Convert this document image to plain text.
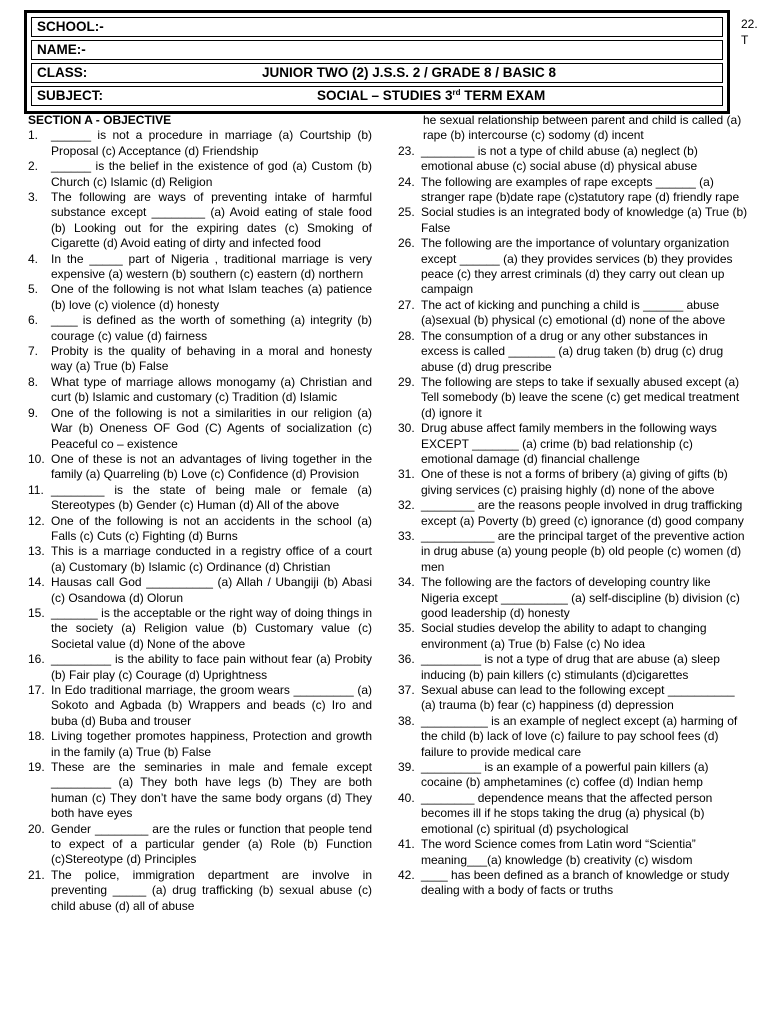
SCHOOL:-
NAME:-
CLASS:	JUNIOR TWO (2) J.S.S. 2 / GRADE 8 / BASIC 8
SUBJECT:	SOCIAL – STUDIES 3rd TERM EXAM
22.
T
SECTION A - OBJECTIVE
1. ______ is not a procedure in marriage (a) Courtship (b) Proposal (c) Acceptance (d) Friendship
2. ______ is the belief in the existence of god (a) Custom (b) Church (c) Islamic (d) Religion
3. The following are ways of preventing intake of harmful substance except ________ (a) Avoid eating of stale food (b) Looking out for the expiring dates (c) Smoking of Cigarette (d) Avoid eating of dirty and infected food
4. In the _____ part of Nigeria , traditional marriage is very expensive (a) western (b) southern (c) eastern (d) northern
5. One of the following is not what Islam teaches (a) patience (b) love (c) violence (d) honesty
6. ____ is defined as the worth of something (a) integrity (b) courage (c) value (d) fairness
7. Probity is the quality of behaving in a moral and honesty way (a) True (b) False
8. What type of marriage allows monogamy (a) Christian and curt (b) Islamic and customary (c) Tradition (d) Islamic
9. One of the following is not a similarities in our religion (a) War (b) Oneness OF God (C) Agents of socialization (c) Peaceful co – existence
10. One of these is not an advantages of living together in the family (a) Quarreling (b) Love (c) Confidence (d) Provision
11. ________ is the state of being male or female (a) Stereotypes (b) Gender (c) Human (d) All of the above
12. One of the following is not an accidents in the school (a) Falls (c) Cuts (c) Fighting (d) Burns
13. This is a marriage conducted in a registry office of a court (a) Customary (b) Islamic (c) Ordinance (d) Christian
14. Hausas call God __________ (a) Allah / Ubangiji (b) Abasi (c) Osandowa (d) Olorun
15. _______ is the acceptable or the right way of doing things in the society (a) Religion value (b) Customary value (c) Societal value (d) None of the above
16. _________ is the ability to face pain without fear (a) Probity (b) Fair play (c) Courage (d) Uprightness
17. In Edo traditional marriage, the groom wears _________ (a) Sokoto and Agbada (b) Wrappers and beads (c) Iro and buba (d) Buba and trouser
18. Living together promotes happiness, Protection and growth in the family (a) True (b) False
19. These are the seminaries in male and female except _________ (a) They both have legs (b) They are both human (c) They don’t have the same body organs (d) They both have eyes
20. Gender ________ are the rules or function that people tend to expect of a particular gender (a) Role (b) Function (c)Stereotype (d) Principles
21. The police, immigration department are involve in preventing _____ (a) drug trafficking (b) sexual abuse (c) child abuse (d) all of abuse
he sexual relationship between parent and child is called (a) rape (b) intercourse (c) sodomy (d) incent
23. ________ is not a type of child abuse (a) neglect (b) emotional abuse (c) social abuse (d) physical abuse
24. The following are examples of rape excepts ______ (a) stranger rape (b)date rape (c)statutory rape (d) friendly rape
25. Social studies is an integrated body of knowledge (a) True (b) False
26. The following are the importance of voluntary organization except ______ (a) they provides services (b) they provides peace (c) they arrest criminals (d) they carry out clean up campaign
27. The act of kicking and punching a child is ______ abuse (a)sexual (b) physical (c) emotional (d) none of the above
28. The consumption of a drug or any other substances in excess is called _______ (a) drug taken (b) drug (c) drug abuse (d) drug prescribe
29. The following are steps to take if sexually abused except (a) Tell somebody (b) leave the scene (c) get medical treatment (d) ignore it
30. Drug abuse affect family members in the following ways EXCEPT _______ (a) crime (b) bad relationship (c) emotional damage (d) financial challenge
31. One of these is not a forms of bribery (a) giving of gifts (b) giving services (c) praising highly (d) none of the above
32. ________ are the reasons people involved in drug trafficking except (a) Poverty (b) greed (c) ignorance (d) good company
33. ___________ are the principal target of the preventive action in drug abuse (a) young people (b) old people (c) women (d) men
34. The following are the factors of developing country like Nigeria except __________ (a) self-discipline (b) division (c) good leadership (d) honesty
35. Social studies develop the ability to adapt to changing environment (a) True (b) False (c) No idea
36. _________ is not a type of drug that are abuse (a) sleep inducing (b) pain killers (c) stimulants (d)cigarettes
37. Sexual abuse can lead to the following except __________ (a) trauma (b) fear (c) happiness (d) depression
38. __________ is an example of neglect except (a) harming of the child (b) lack of love (c) failure to pay school fees (d) failure to provide medical care
39. _________ is an example of a powerful pain killers (a) cocaine (b) amphetamines (c) coffee (d) Indian hemp
40. ________ dependence means that the affected person becomes ill if he stops taking the drug (a) physical (b) emotional (c) spiritual (d) psychological
41. The word Science comes from Latin word “Scientia” meaning___(a) knowledge (b) creativity (c) wisdom
42. ____ has been defined as a branch of knowledge or study dealing with a body of facts or truths
